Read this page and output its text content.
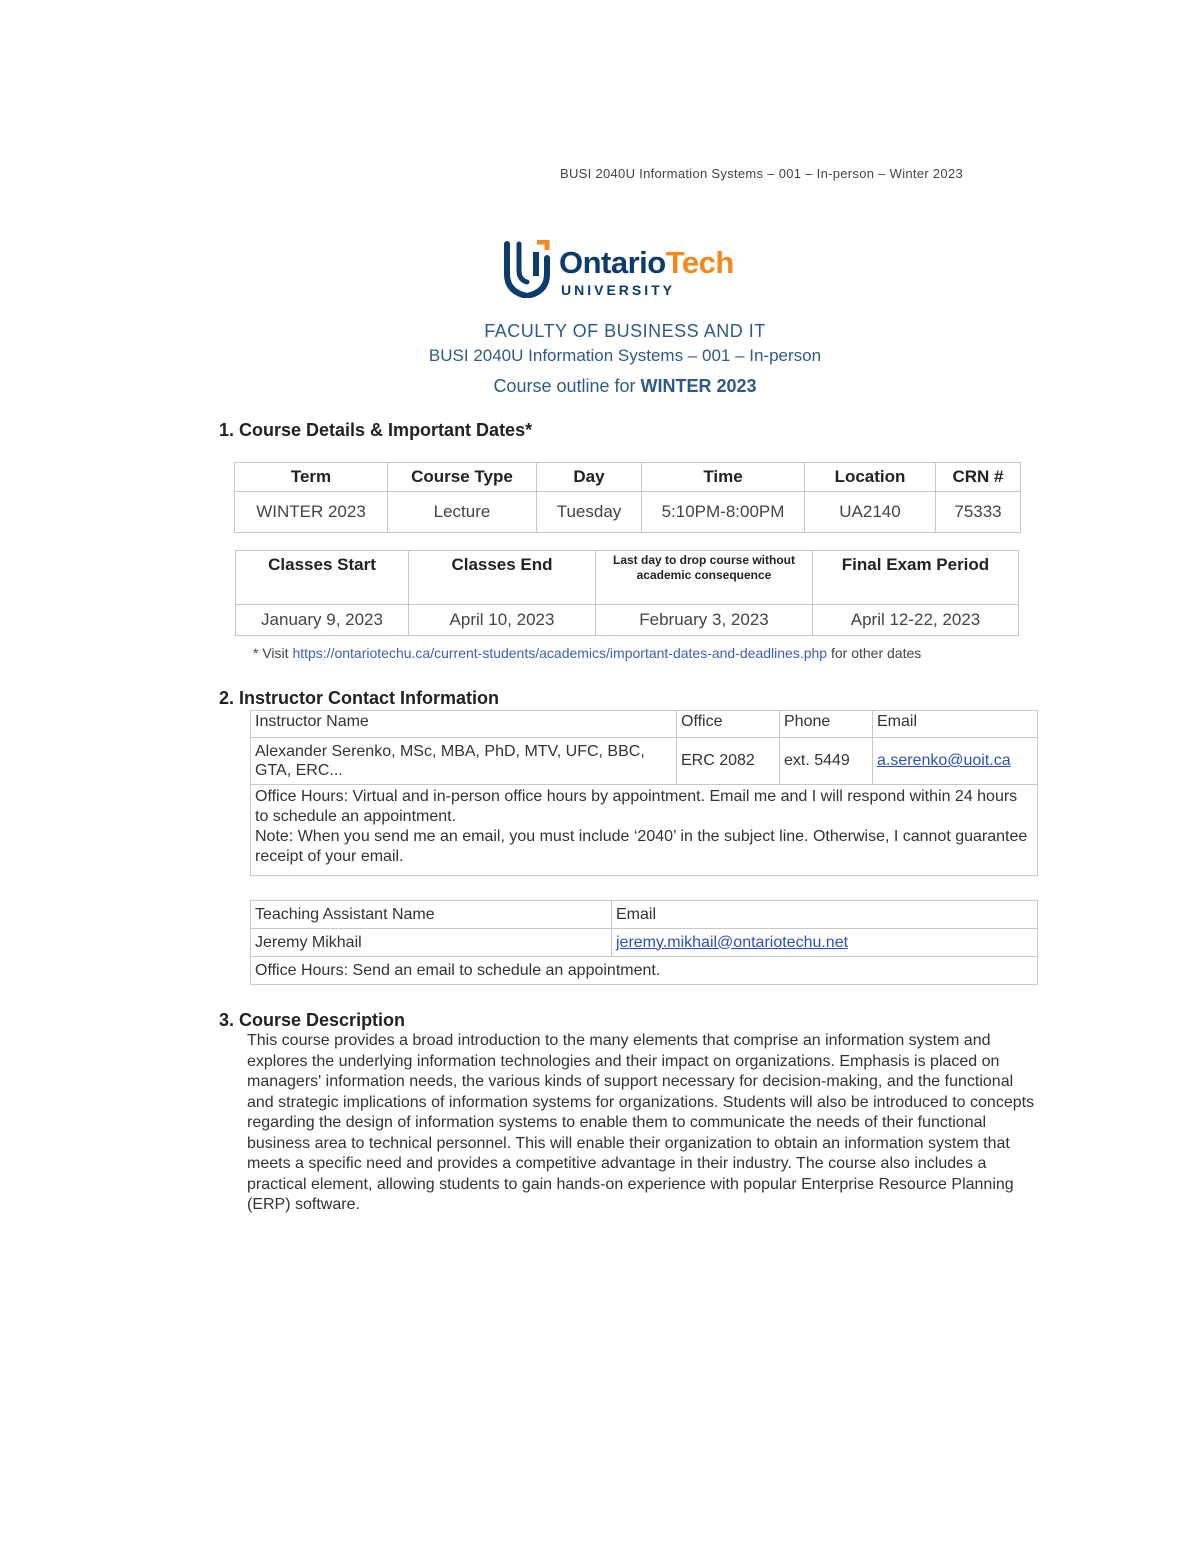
BUSI 2040U Information Systems – 001 – In-person – Winter 2023
OntarioTech
UNIVERSITY
FACULTY OF BUSINESS AND IT
BUSI 2040U Information Systems – 001 – In-person
Course outline for WINTER 2023
1. Course Details & Important Dates*
Term	Course Type	Day	Time	Location	CRN #
WINTER 2023	Lecture	Tuesday	5:10PM-8:00PM	UA2140	75333
Classes Start	Classes End	Last day to drop course without academic consequence	Final Exam Period
January 9, 2023	April 10, 2023	February 3, 2023	April 12-22, 2023
* Visit https://ontariotechu.ca/current-students/academics/important-dates-and-deadlines.php for other dates
2. Instructor Contact Information
Instructor Name	Office	Phone	Email
Alexander Serenko, MSc, MBA, PhD, MTV, UFC, BBC, GTA, ERC...	ERC 2082	ext. 5449	a.serenko@uoit.ca

Office Hours: Virtual and in-person office hours by appointment. Email me and I will respond within 24 hours to schedule an appointment.
Note: When you send me an email, you must include ‘2040’ in the subject line. Otherwise, I cannot guarantee receipt of your email.			
Teaching Assistant Name	Email
Jeremy Mikhail	jeremy.mikhail@ontariotechu.net
Office Hours: Send an email to schedule an appointment.	
3. Course Description
This course provides a broad introduction to the many elements that comprise an information system and explores the underlying information technologies and their impact on organizations. Emphasis is placed on managers' information needs, the various kinds of support necessary for decision-making, and the functional and strategic implications of information systems for organizations. Students will also be introduced to concepts regarding the design of information systems to enable them to communicate the needs of their functional business area to technical personnel. This will enable their organization to obtain an information system that meets a specific need and provides a competitive advantage in their industry. The course also includes a practical element, allowing students to gain hands-on experience with popular Enterprise Resource Planning (ERP) software.
